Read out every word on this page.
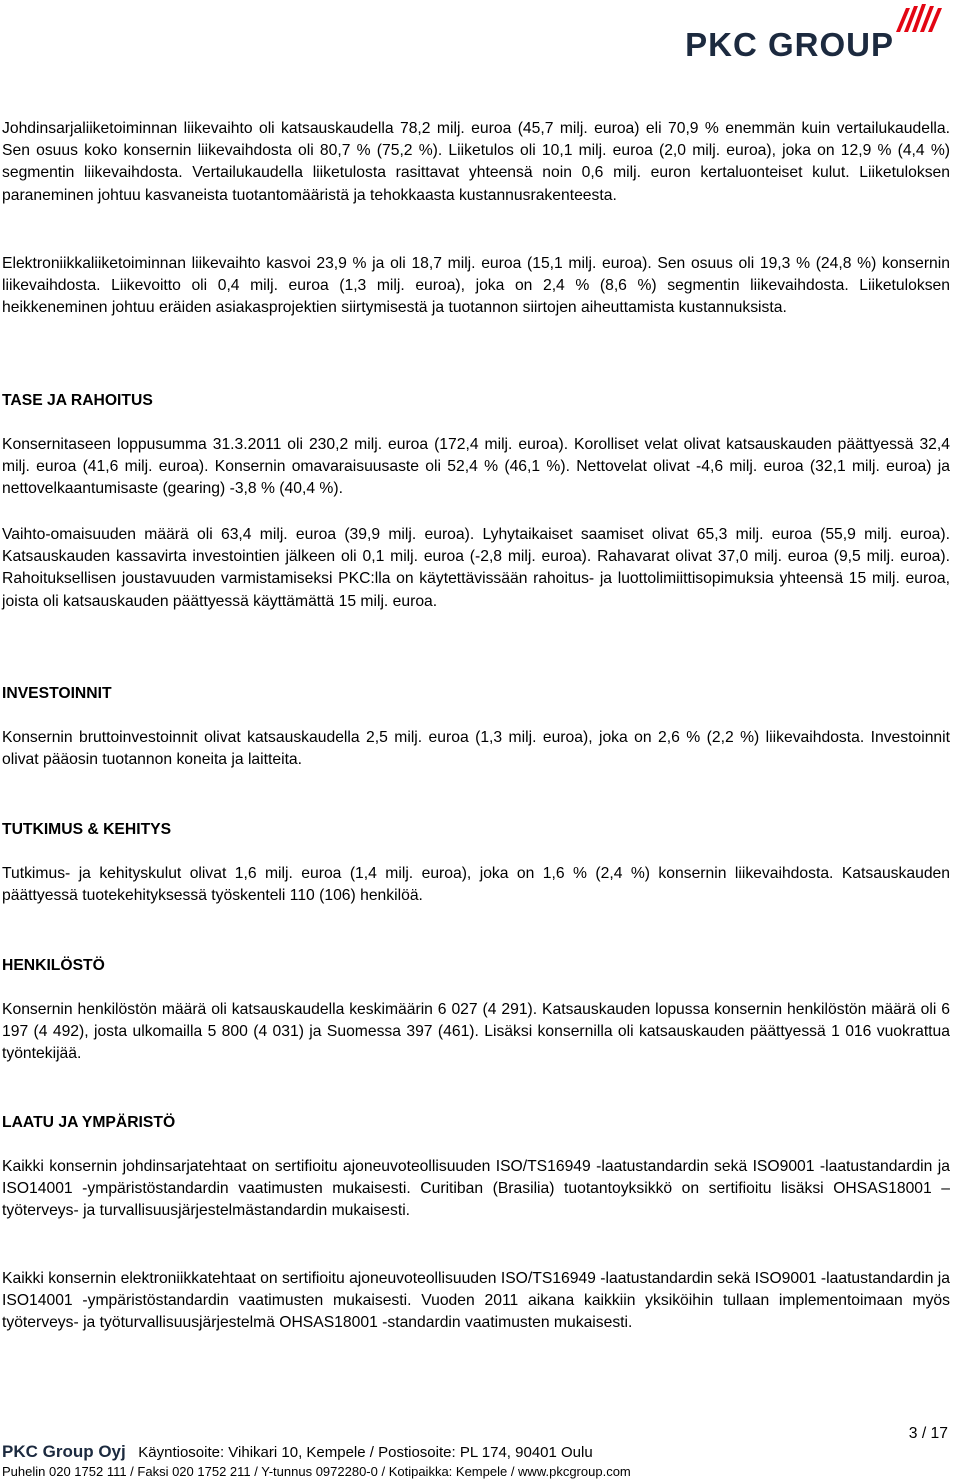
PKC GROUP

Johdinsarjaliiketoiminnan liikevaihto oli katsauskaudella 78,2 milj. euroa (45,7 milj. euroa) eli 70,9 % enemmän kuin vertailukaudella. Sen osuus koko konsernin liikevaihdosta oli 80,7 % (75,2 %). Liiketulos oli 10,1 milj. euroa (2,0 milj. euroa), joka on 12,9 % (4,4 %) segmentin liikevaihdosta. Vertailukaudella liiketulosta rasittavat yhteensä noin 0,6 milj. euron kertaluonteiset kulut. Liiketuloksen paraneminen johtuu kasvaneista tuotantomääristä ja tehokkaasta kustannusrakenteesta.

Elektroniikkaliiketoiminnan liikevaihto kasvoi 23,9 % ja oli 18,7 milj. euroa (15,1 milj. euroa). Sen osuus oli 19,3 % (24,8 %) konsernin liikevaihdosta. Liikevoitto oli 0,4 milj. euroa (1,3 milj. euroa), joka on 2,4 % (8,6 %) segmentin liikevaihdosta. Liiketuloksen heikkeneminen johtuu eräiden asiakasprojektien siirtymisestä ja tuotannon siirtojen aiheuttamista kustannuksista.

TASE JA RAHOITUS

Konsernitaseen loppusumma 31.3.2011 oli 230,2 milj. euroa (172,4 milj. euroa). Korolliset velat olivat katsauskauden päättyessä 32,4 milj. euroa (41,6 milj. euroa). Konsernin omavaraisuusaste oli 52,4 % (46,1 %). Nettovelat olivat -4,6 milj. euroa (32,1 milj. euroa) ja nettovelkaantumisaste (gearing) -3,8 % (40,4 %).

Vaihto-omaisuuden määrä oli 63,4 milj. euroa (39,9 milj. euroa). Lyhytaikaiset saamiset olivat 65,3 milj. euroa (55,9 milj. euroa). Katsauskauden kassavirta investointien jälkeen oli 0,1 milj. euroa (-2,8 milj. euroa). Rahavarat olivat 37,0 milj. euroa (9,5 milj. euroa). Rahoituksellisen joustavuuden varmistamiseksi PKC:lla on käytettävissään rahoitus- ja luottolimiittisopimuksia yhteensä 15 milj. euroa, joista oli katsauskauden päättyessä käyttämättä 15 milj. euroa.

INVESTOINNIT

Konsernin bruttoinvestoinnit olivat katsauskaudella 2,5 milj. euroa (1,3 milj. euroa), joka on 2,6 % (2,2 %) liikevaihdosta. Investoinnit olivat pääosin tuotannon koneita ja laitteita.

TUTKIMUS & KEHITYS

Tutkimus- ja kehityskulut olivat 1,6 milj. euroa (1,4 milj. euroa), joka on 1,6 % (2,4 %) konsernin liikevaihdosta. Katsauskauden päättyessä tuotekehityksessä työskenteli 110 (106) henkilöä.

HENKILÖSTÖ

Konsernin henkilöstön määrä oli katsauskaudella keskimäärin 6 027 (4 291). Katsauskauden lopussa konsernin henkilöstön määrä oli 6 197 (4 492), josta ulkomailla 5 800 (4 031) ja Suomessa 397 (461). Lisäksi konsernilla oli katsauskauden päättyessä 1 016 vuokrattua työntekijää.

LAATU JA YMPÄRISTÖ

Kaikki konsernin johdinsarjatehtaat on sertifioitu ajoneuvoteollisuuden ISO/TS16949 -laatustandardin sekä ISO9001 -laatustandardin ja ISO14001 -ympäristöstandardin vaatimusten mukaisesti. Curitiban (Brasilia) tuotantoyksikkö on sertifioitu lisäksi OHSAS18001 –työterveys- ja turvallisuusjärjestelmästandardin mukaisesti.

Kaikki konsernin elektroniikkatehtaat on sertifioitu ajoneuvoteollisuuden ISO/TS16949 -laatustandardin sekä ISO9001 -laatustandardin ja ISO14001 -ympäristöstandardin vaatimusten mukaisesti. Vuoden 2011 aikana kaikkiin yksiköihin tullaan implementoimaan myös työterveys- ja työturvallisuusjärjestelmä OHSAS18001 -standardin vaatimusten mukaisesti.

3 / 17
PKC Group Oyj Käyntiosoite: Vihikari 10, Kempele / Postiosoite: PL 174, 90401 Oulu
Puhelin 020 1752 111 / Faksi 020 1752 211 / Y-tunnus 0972280-0 / Kotipaikka: Kempele / www.pkcgroup.com
